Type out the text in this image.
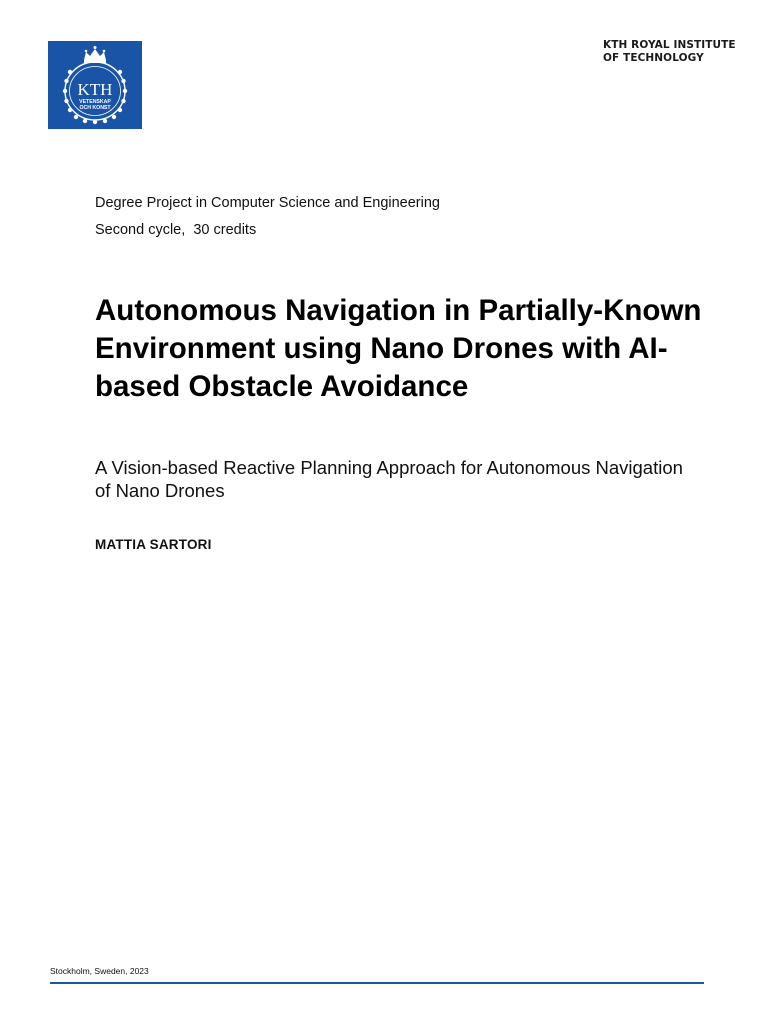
KTH
VETENSKAP
OCH KONST
KTH ROYAL INSTITUTE
OF TECHNOLOGY
Degree Project in Computer Science and Engineering
Second cycle,  30 credits
Autonomous Navigation in Partially-Known Environment using Nano Drones with AI-based Obstacle Avoidance
A Vision-based Reactive Planning Approach for Autonomous Navigation of Nano Drones
MATTIA SARTORI
Stockholm, Sweden, 2023
